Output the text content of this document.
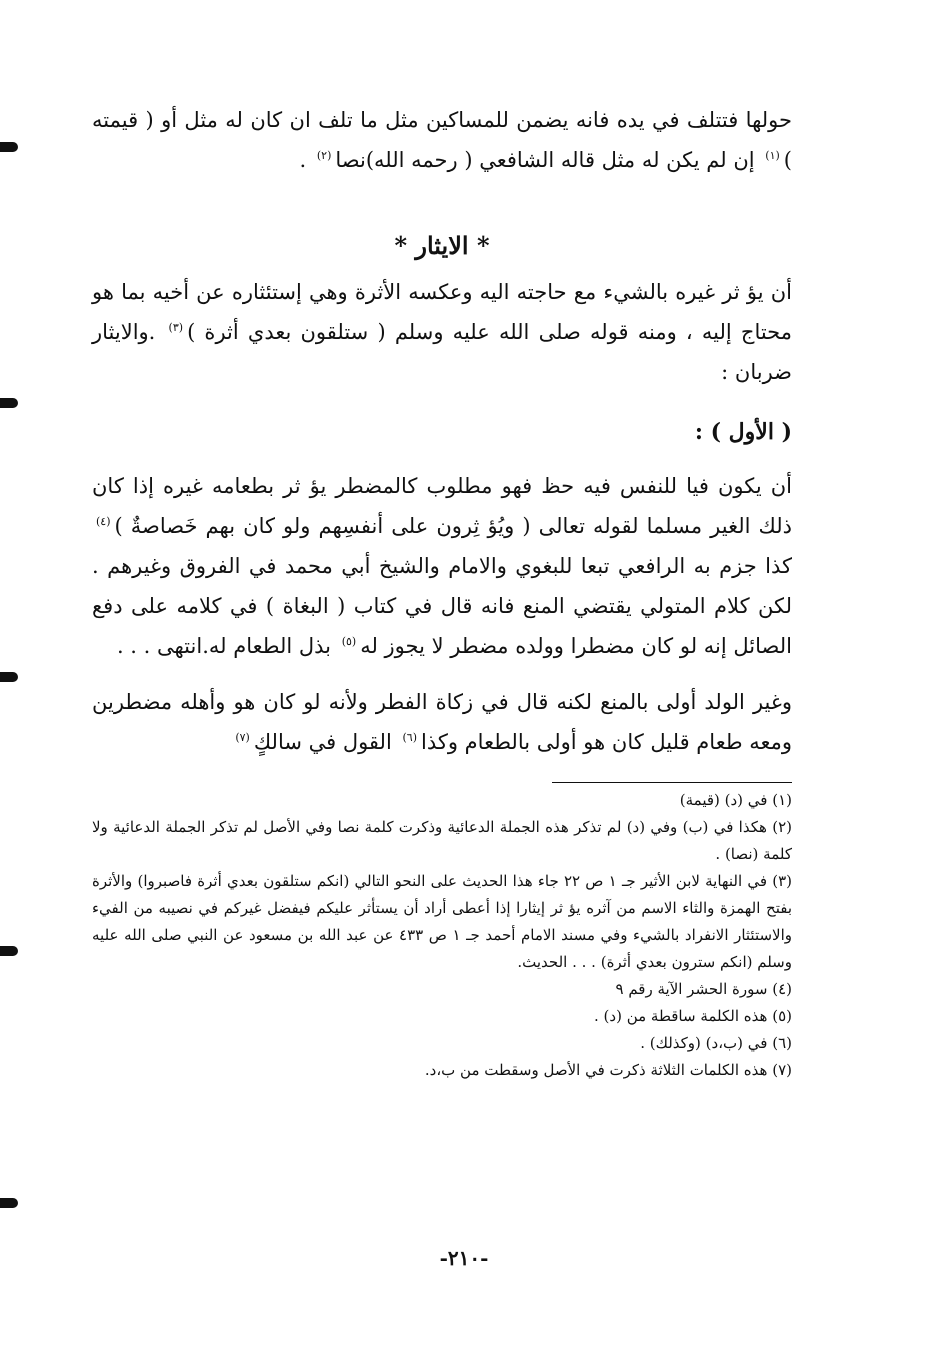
حولها فتتلف في يده فانه يضمن للمساكين مثل ما تلف ان كان له مثل أو ( قيمته )$^{(١)}$ إن لم يكن له مثل قاله الشافعي ( رحمه الله)نصا$^{(٢)}$ .

* الايثار *

أن يؤ ثر غيره بالشيء مع حاجته اليه وعكسه الأثرة وهي إستئثاره عن أخيه بما هو محتاج إليه ، ومنه قوله صلى الله عليه وسلم ( ستلقون بعدي أثرة )$^{(٣)}$ .والايثار ضربان :

( الأول ) :

أن يكون فيا للنفس فيه حظ فهو مطلوب كالمضطر يؤ ثر بطعامه غيره إذا كان ذلك الغير مسلما لقوله تعالى ( ويُؤ ثِرون على أنفسِهم ولو كان بهم خَصاصةٌ )$^{(٤)}$ كذا جزم به الرافعي تبعا للبغوي والامام والشيخ أبي محمد في الفروق وغيرهم . لكن كلام المتولي يقتضي المنع فانه قال في كتاب ( البغاة ) في كلامه على دفع الصائل إنه لو كان مضطرا وولده مضطر لا يجوز له$^{(٥)}$ بذل الطعام له.انتهى . . .

وغير الولد أولى بالمنع لكنه قال في زكاة الفطر ولأنه لو كان هو وأهله مضطرين ومعه طعام قليل كان هو أولى بالطعام وكذا$^{(٦)}$ القول في سالكٍ$^{(٧)}$

(١) في (د) (قيمة)
(٢) هكذا في (ب) وفي (د) لم تذكر هذه الجملة الدعائية وذكرت كلمة نصا وفي الأصل لم تذكر الجملة الدعائية ولا كلمة (نصا) .
(٣) في النهاية لابن الأثير جـ ١ ص ٢٢ جاء هذا الحديث على النحو التالي (انكم ستلقون بعدي أثرة فاصبروا) والأثرة بفتح الهمزة والثاء الاسم من آثره يؤ ثر إيثارا إذا أعطى أراد أن يستأثر عليكم فيفضل غيركم في نصيبه من الفيء والاستئثار الانفراد بالشيء وفي مسند الامام أحمد جـ ١ ص ٤٣٣ عن عبد الله بن مسعود عن النبي صلى الله عليه وسلم (انكم سترون بعدي أثرة) . . . الحديث.
(٤) سورة الحشر الآية رقم ٩
(٥) هذه الكلمة ساقطة من (د) .
(٦) في (ب،د) (وكذلك) .
(٧) هذه الكلمات الثلاثة ذكرت في الأصل وسقطت من ب،د.
-٢١٠-
